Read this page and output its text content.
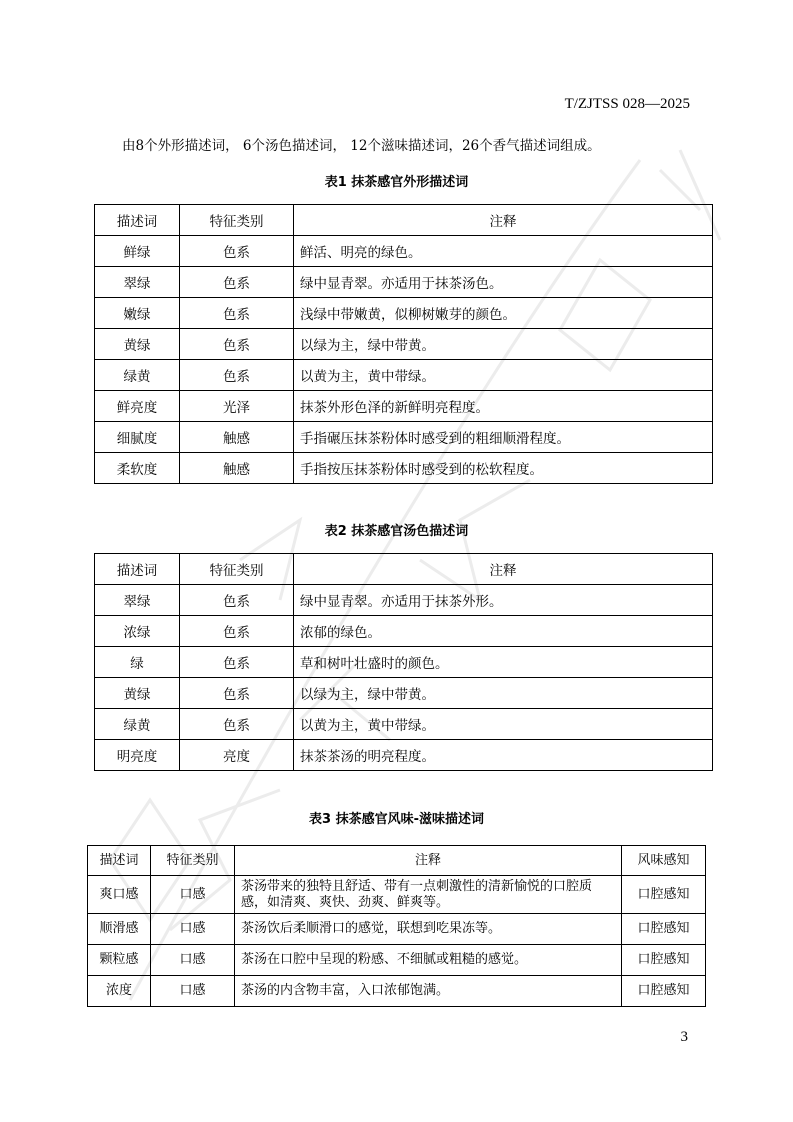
T/ZJTSS 028—2025
由8个外形描述词， 6个汤色描述词， 12个滋味描述词，26个香气描述词组成。
表1 抹茶感官外形描述词
描述词	特征类别	注释
鲜绿	色系	鲜活、明亮的绿色。
翠绿	色系	绿中显青翠。亦适用于抹茶汤色。
嫩绿	色系	浅绿中带嫩黄，似柳树嫩芽的颜色。
黄绿	色系	以绿为主，绿中带黄。
绿黄	色系	以黄为主，黄中带绿。
鲜亮度	光泽	抹茶外形色泽的新鲜明亮程度。
细腻度	触感	手指碾压抹茶粉体时感受到的粗细顺滑程度。
柔软度	触感	手指按压抹茶粉体时感受到的松软程度。
表2 抹茶感官汤色描述词
描述词	特征类别	注释
翠绿	色系	绿中显青翠。亦适用于抹茶外形。
浓绿	色系	浓郁的绿色。
绿	色系	草和树叶壮盛时的颜色。
黄绿	色系	以绿为主，绿中带黄。
绿黄	色系	以黄为主，黄中带绿。
明亮度	亮度	抹茶茶汤的明亮程度。
表3 抹茶感官风味-滋味描述词
描述词	特征类别	注释	风味感知
爽口感	口感	茶汤带来的独特且舒适、带有一点刺激性的清新愉悦的口腔质感，如清爽、爽快、劲爽、鲜爽等。	口腔感知
顺滑感	口感	茶汤饮后柔顺滑口的感觉，联想到吃果冻等。	口腔感知
颗粒感	口感	茶汤在口腔中呈现的粉感、不细腻或粗糙的感觉。	口腔感知
浓度	口感	茶汤的内含物丰富，入口浓郁饱满。	口腔感知
3
